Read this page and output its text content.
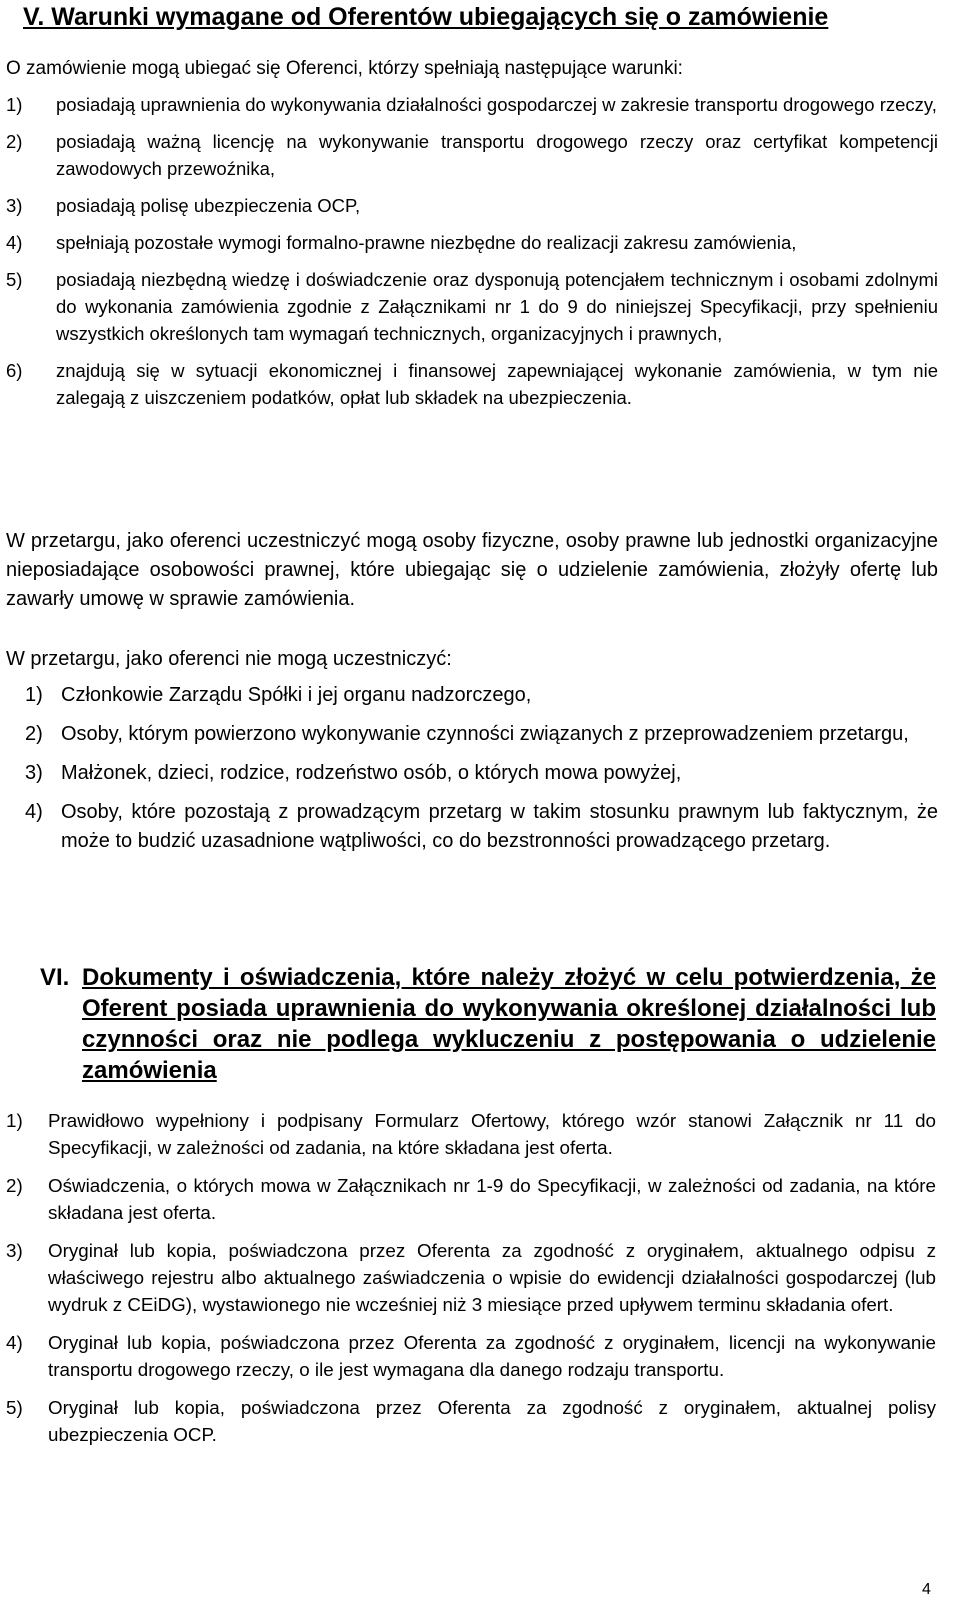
V. Warunki wymagane od Oferentów ubiegających się o zamówienie
O zamówienie mogą ubiegać się Oferenci, którzy spełniają następujące warunki:
1) posiadają uprawnienia do wykonywania działalności gospodarczej w zakresie transportu drogowego rzeczy,
2) posiadają ważną licencję na wykonywanie transportu drogowego rzeczy oraz certyfikat kompetencji zawodowych przewoźnika,
3) posiadają polisę ubezpieczenia OCP,
4) spełniają pozostałe wymogi formalno-prawne niezbędne do realizacji zakresu zamówienia,
5) posiadają niezbędną wiedzę i doświadczenie oraz dysponują potencjałem technicznym i osobami zdolnymi do wykonania zamówienia zgodnie z Załącznikami nr 1 do 9 do niniejszej Specyfikacji, przy spełnieniu wszystkich określonych tam wymagań technicznych, organizacyjnych i prawnych,
6) znajdują się w sytuacji ekonomicznej i finansowej zapewniającej wykonanie zamówienia, w tym nie zalegają z uiszczeniem podatków, opłat lub składek na ubezpieczenia.
W przetargu, jako oferenci uczestniczyć mogą osoby fizyczne, osoby prawne lub jednostki organizacyjne nieposiadające osobowości prawnej, które ubiegając się o udzielenie zamówienia, złożyły ofertę lub zawarły umowę w sprawie zamówienia.
W przetargu, jako oferenci nie mogą uczestniczyć:
1) Członkowie Zarządu Spółki i jej organu nadzorczego,
2) Osoby, którym powierzono wykonywanie czynności związanych z przeprowadzeniem przetargu,
3) Małżonek, dzieci, rodzice, rodzeństwo osób, o których mowa powyżej,
4) Osoby, które pozostają z prowadzącym przetarg w takim stosunku prawnym lub faktycznym, że może to budzić uzasadnione wątpliwości, co do bezstronności prowadzącego przetarg.
VI. Dokumenty i oświadczenia, które należy złożyć w celu potwierdzenia, że Oferent posiada uprawnienia do wykonywania określonej działalności lub czynności oraz nie podlega wykluczeniu z postępowania o udzielenie zamówienia
1) Prawidłowo wypełniony i podpisany Formularz Ofertowy, którego wzór stanowi Załącznik nr 11 do Specyfikacji, w zależności od zadania, na które składana jest oferta.
2) Oświadczenia, o których mowa w Załącznikach nr 1-9 do Specyfikacji, w zależności od zadania, na które składana jest oferta.
3) Oryginał lub kopia, poświadczona przez Oferenta za zgodność z oryginałem, aktualnego odpisu z właściwego rejestru albo aktualnego zaświadczenia o wpisie do ewidencji działalności gospodarczej (lub wydruk z CEiDG), wystawionego nie wcześniej niż 3 miesiące przed upływem terminu składania ofert.
4) Oryginał lub kopia, poświadczona przez Oferenta za zgodność z oryginałem, licencji na wykonywanie transportu drogowego rzeczy, o ile jest wymagana dla danego rodzaju transportu.
5) Oryginał lub kopia, poświadczona przez Oferenta za zgodność z oryginałem, aktualnej polisy ubezpieczenia OCP.
4
